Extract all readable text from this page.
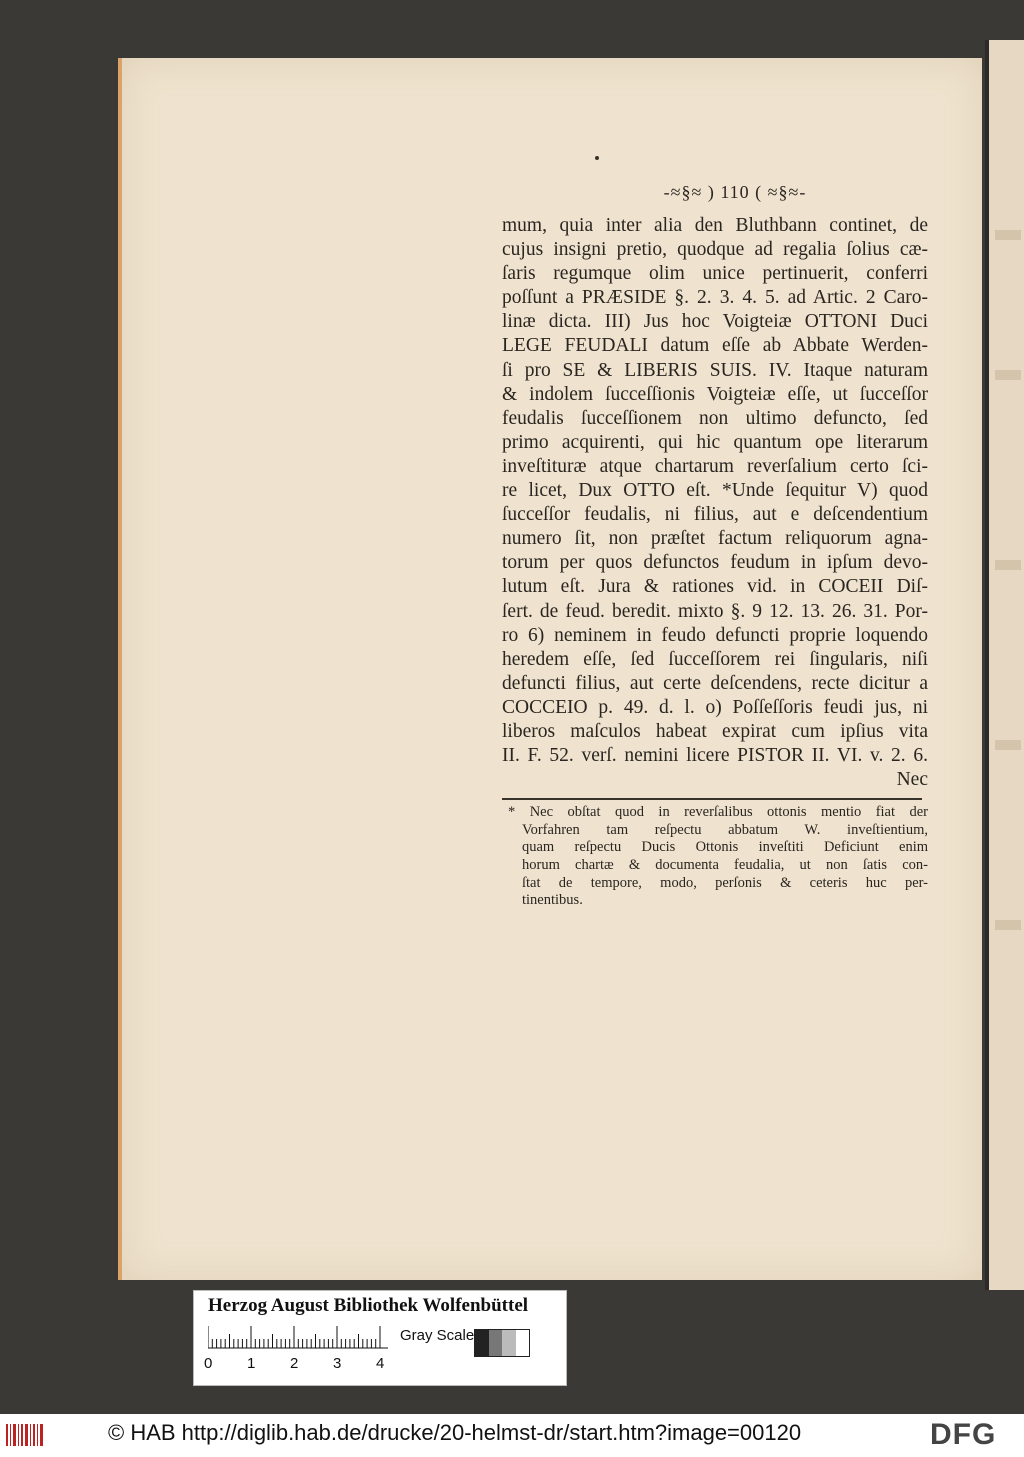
-≈§≈ ) 110 ( ≈§≈-
mum, quia inter alia den Bluthbann continet, de
cujus insigni pretio, quodque ad regalia ſolius cæ-
ſaris regumque olim unice pertinuerit, conferri
poſſunt a PRÆSIDE §. 2. 3. 4. 5. ad Artic. 2 Caro-
linæ dicta. III) Jus hoc Voigteiæ OTTONI Duci
LEGE FEUDALI datum eſſe ab Abbate Werden-
ſi pro SE & LIBERIS SUIS. IV. Itaque naturam
& indolem ſucceſſionis Voigteiæ eſſe, ut ſucceſſor
feudalis ſucceſſionem non ultimo defuncto, ſed
primo acquirenti, qui hic quantum ope literarum
inveſtituræ atque chartarum reverſalium certo ſci-
re licet, Dux OTTO eſt. *Unde ſequitur V) quod
ſucceſſor feudalis, ni filius, aut e deſcendentium
numero ſit, non præſtet factum reliquorum agna-
torum per quos defunctos feudum in ipſum devo-
lutum eſt. Jura & rationes vid. in COCEII Diſ-
ſert. de feud. beredit. mixto §. 9 12. 13. 26. 31. Por-
ro 6) neminem in feudo defuncti proprie loquendo
heredem eſſe, ſed ſucceſſorem rei ſingularis, niſi
defuncti filius, aut certe deſcendens, recte dicitur a
COCCEIO p. 49. d. l. o) Poſſeſſoris feudi jus, ni
liberos maſculos habeat expirat cum ipſius vita
II. F. 52. verſ. nemini licere PISTOR II. VI. v. 2. 6.
Nec
* Nec obſtat quod in reverſalibus ottonis mentio fiat der
Vorfahren tam reſpectu abbatum W. inveſtientium,
quam reſpectu Ducis Ottonis inveſtiti Deficiunt enim
horum chartæ & documenta feudalia, ut non ſatis con-
ſtat de tempore, modo, perſonis & ceteris huc per-
tinentibus.
Herzog August Bibliothek Wolfenbüttel
0 1 2 3 4
Gray Scale
© HAB http://diglib.hab.de/drucke/20-helmst-dr/start.htm?image=00120	DFG
